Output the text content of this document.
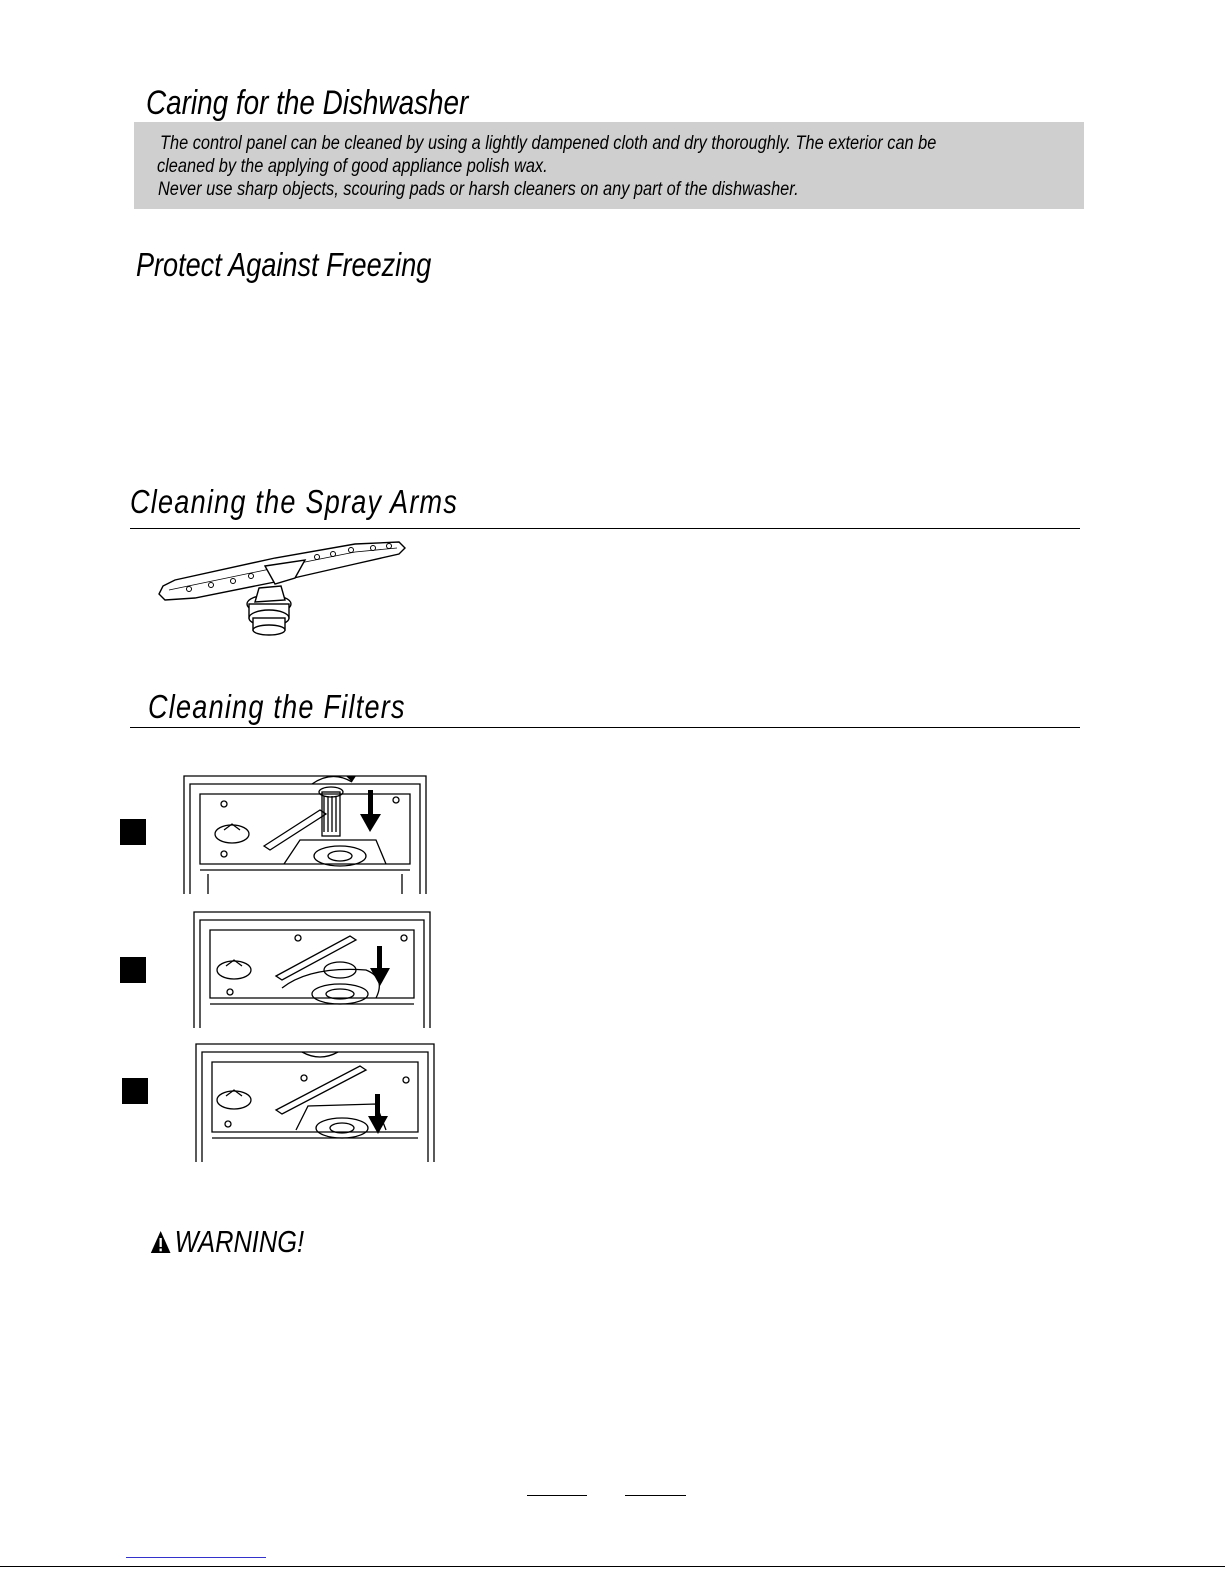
Caring for the Dishwasher

The control panel can be cleaned by using a lightly dampened cloth and dry thoroughly. The exterior can be

cleaned by the applying of good appliance polish wax.

Never use sharp objects, scouring pads or harsh cleaners on any part of the dishwasher.

Protect Against Freezing
Cleaning the Spray Arms
Cleaning the Filters
WARNING!
